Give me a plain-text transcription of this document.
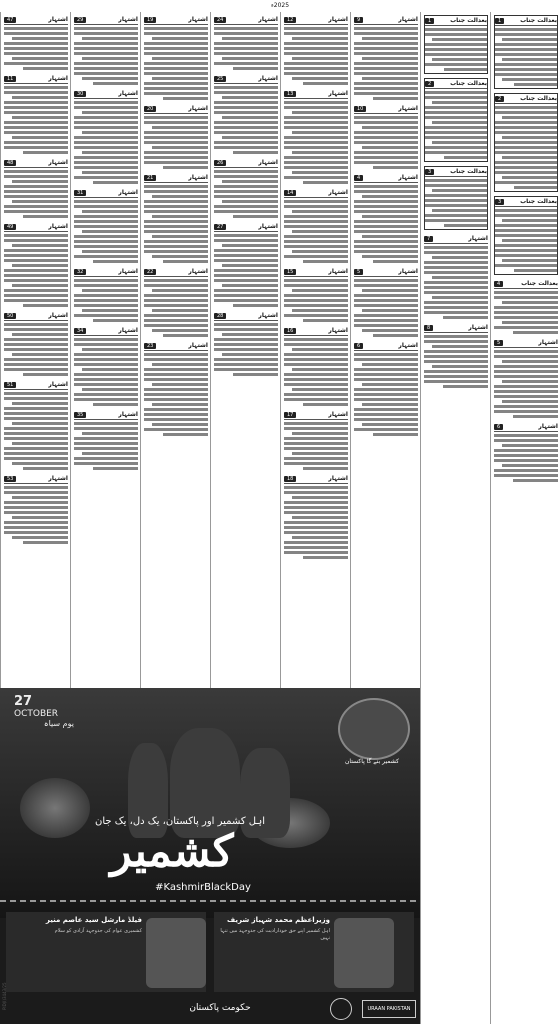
2025ء
اشتہار
47
اشتہار
11
اشتہار
48
اشتہار
49
اشتہار
50
اشتہار
51
اشتہار
53
اشتہار
29
اشتہار
30
اشتہار
31
اشتہار
32
اشتہار
34
اشتہار
35
اشتہار
19
اشتہار
20
اشتہار
21
اشتہار
22
اشتہار
23
اشتہار
24
اشتہار
25
اشتہار
26
اشتہار
27
اشتہار
28
اشتہار
12
اشتہار
13
اشتہار
14
اشتہار
15
اشتہار
16
اشتہار
17
اشتہار
18
اشتہار
9
اشتہار
10
اشتہار
4
اشتہار
5
اشتہار
6
بعدالت جناب
1
بعدالت جناب
2
بعدالت جناب
3
اشتہار
7
اشتہار
8
بعدالت جناب
1
بعدالت جناب
2
بعدالت جناب
3
بعدالت جناب
4
اشتہار
5
اشتہار
6
27 OCTOBER
یوم سیاہ
کشمیر بنے گا پاکستان
اہل کشمیر اور پاکستان، یک دل، یک جان
کشمیر
#KashmirBlackDay
فیلڈ مارشل سید عاصم منیر
کشمیری عوام کی جدوجہد آزادی کو سلام
وزیراعظم محمد شہباز شریف
اہل کشمیر اپنے حق خودارادیت کی جدوجہد میں تنہا نہیں
حکومت پاکستان	URAAN PAKISTAN
PID(I)3443/25
